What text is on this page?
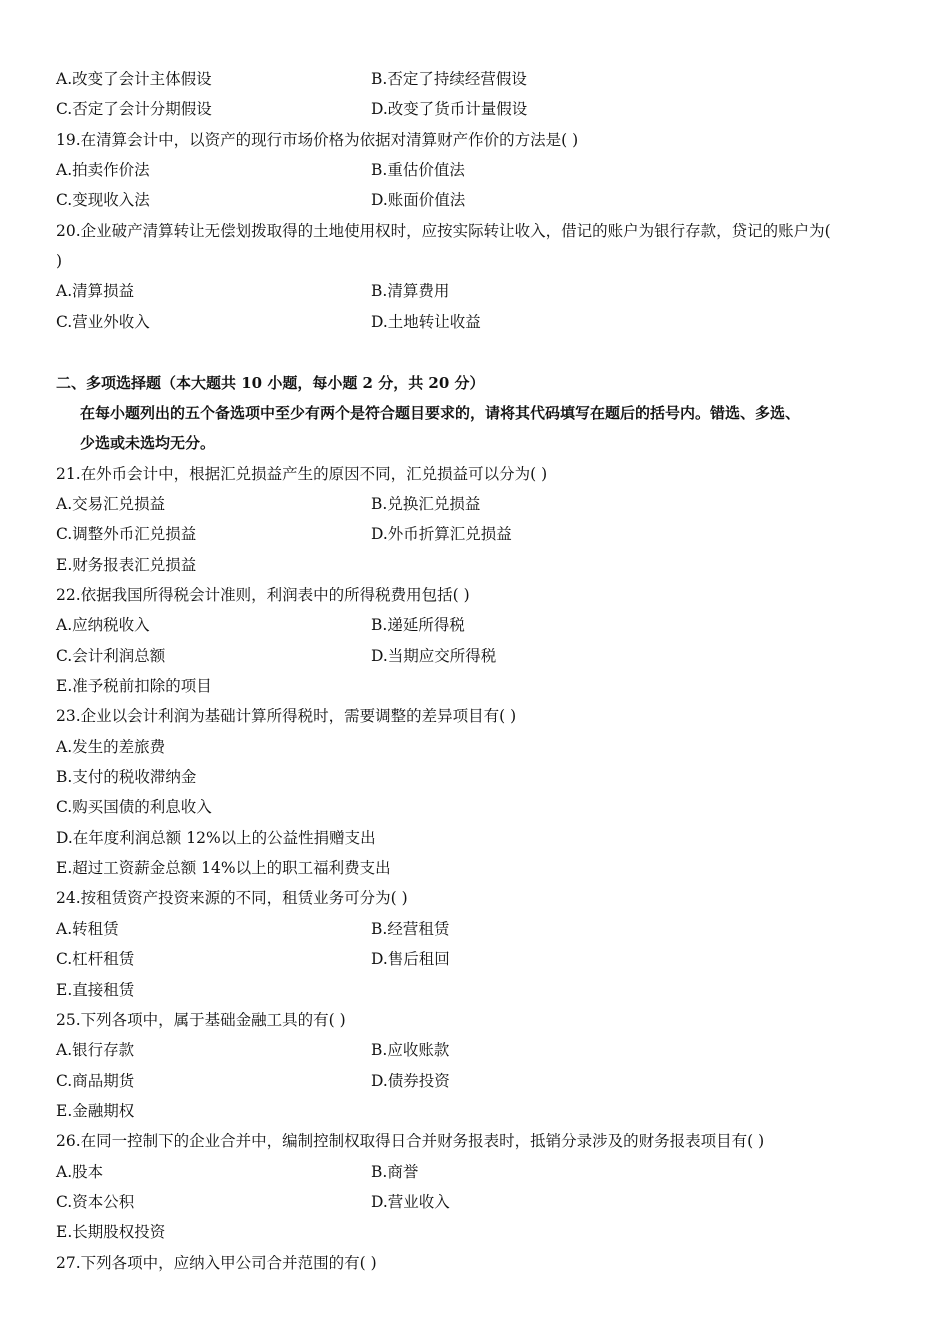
A.改变了会计主体假设	B.否定了持续经营假设
C.否定了会计分期假设	D.改变了货币计量假设
19.在清算会计中，以资产的现行市场价格为依据对清算财产作价的方法是( )
A.拍卖作价法	B.重估价值法
C.变现收入法	D.账面价值法
20.企业破产清算转让无偿划拨取得的土地使用权时，应按实际转让收入，借记的账户为银行存款，贷记的账户为(
)
A.清算损益	B.清算费用
C.营业外收入	D.土地转让收益
二、多项选择题（本大题共 10 小题，每小题 2 分，共 20 分）
在每小题列出的五个备选项中至少有两个是符合题目要求的，请将其代码填写在题后的括号内。错选、多选、
少选或未选均无分。
21.在外币会计中，根据汇兑损益产生的原因不同，汇兑损益可以分为( )
A.交易汇兑损益	B.兑换汇兑损益
C.调整外币汇兑损益	D.外币折算汇兑损益
E.财务报表汇兑损益
22.依据我国所得税会计准则，利润表中的所得税费用包括( )
A.应纳税收入	B.递延所得税
C.会计利润总额	D.当期应交所得税
E.准予税前扣除的项目
23.企业以会计利润为基础计算所得税时，需要调整的差异项目有( )
A.发生的差旅费
B.支付的税收滞纳金
C.购买国债的利息收入
D.在年度利润总额 12%以上的公益性捐赠支出
E.超过工资薪金总额 14%以上的职工福利费支出
24.按租赁资产投资来源的不同，租赁业务可分为( )
A.转租赁	B.经营租赁
C.杠杆租赁	D.售后租回
E.直接租赁
25.下列各项中，属于基础金融工具的有( )
A.银行存款	B.应收账款
C.商品期货	D.债券投资
E.金融期权
26.在同一控制下的企业合并中，编制控制权取得日合并财务报表时，抵销分录涉及的财务报表项目有( )
A.股本	B.商誉
C.资本公积	D.营业收入
E.长期股权投资
27.下列各项中，应纳入甲公司合并范围的有( )
